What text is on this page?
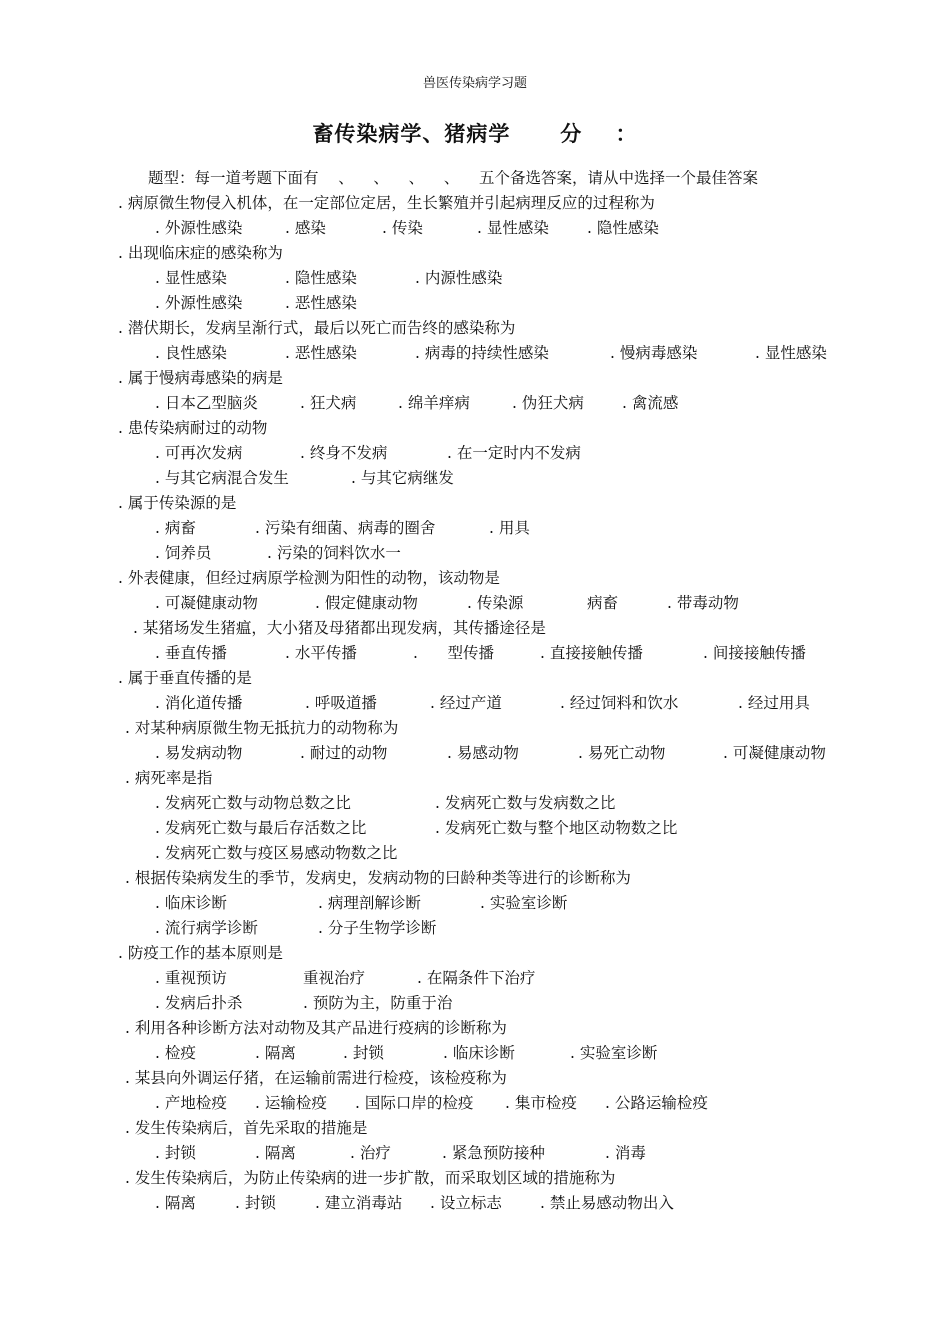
兽医传染病学习题
畜传染病学、猪病学      分    ：
题型：每一道考题下面有    、    、    、    、    五个备选答案，请从中选择一个最佳答案
. 病原微生物侵入机体，在一定部位定居，生长繁殖并引起病理反应的过程称为
. 外源性感染	. 感染	. 传染	. 显性感染 . 隐性感染
. 出现临床症的感染称为
. 显性感染	. 隐性感染	. 内源性感染
. 外源性感染	. 恶性感染
. 潜伏期长，发病呈渐行式，最后以死亡而告终的感染称为
. 良性感染	. 恶性感染	. 病毒的持续性感染	. 慢病毒感染	. 显性感染
. 属于慢病毒感染的病是
. 日本乙型脑炎	. 狂犬病	. 绵羊痒病	. 伪狂犬病 . 禽流感
. 患传染病耐过的动物
. 可再次发病	. 终身不发病	. 在一定时内不发病
. 与其它病混合发生	. 与其它病继发
. 属于传染源的是
. 病畜	. 污染有细菌、病毒的圈舍	. 用具
. 饲养员	. 污染的饲料饮水一
. 外表健康，但经过病原学检测为阳性的动物，该动物是
. 可凝健康动物	. 假定健康动物	. 传染源	病畜	. 带毒动物
. 某猪场发生猪瘟，大小猪及母猪都出现发病，其传播途径是
. 垂直传播	. 水平传播	.      型传播	. 直接接触传播	. 间接接触传播
. 属于垂直传播的是
. 消化道传播	. 呼吸道播	. 经过产道	. 经过饲料和饮水	. 经过用具
. 对某种病原微生物无抵抗力的动物称为
. 易发病动物	. 耐过的动物	. 易感动物	. 易死亡动物	. 可凝健康动物
. 病死率是指
. 发病死亡数与动物总数之比	. 发病死亡数与发病数之比
. 发病死亡数与最后存活数之比	. 发病死亡数与整个地区动物数之比
. 发病死亡数与疫区易感动物数之比
. 根据传染病发生的季节，发病史，发病动物的曰龄种类等进行的诊断称为
. 临床诊断	. 病理剖解诊断	. 实验室诊断
. 流行病学诊断	. 分子生物学诊断
. 防疫工作的基本原则是
. 重视预访	重视治疗	. 在隔条件下治疗
. 发病后扑杀	. 预防为主，防重于治
. 利用各种诊断方法对动物及其产品进行疫病的诊断称为
. 检疫	. 隔离	. 封锁	. 临床诊断	. 实验室诊断
. 某县向外调运仔猪，在运输前需进行检疫，该检疫称为
. 产地检疫 . 运输检疫 . 国际口岸的检疫 . 集市检疫 . 公路运输检疫
. 发生传染病后，首先采取的措施是
. 封锁	. 隔离	. 治疗	. 紧急预防接种	. 消毒
. 发生传染病后，为防止传染病的进一步扩散，而采取划区域的措施称为
. 隔离	. 封锁	. 建立消毒站 . 设立标志 . 禁止易感动物出入
